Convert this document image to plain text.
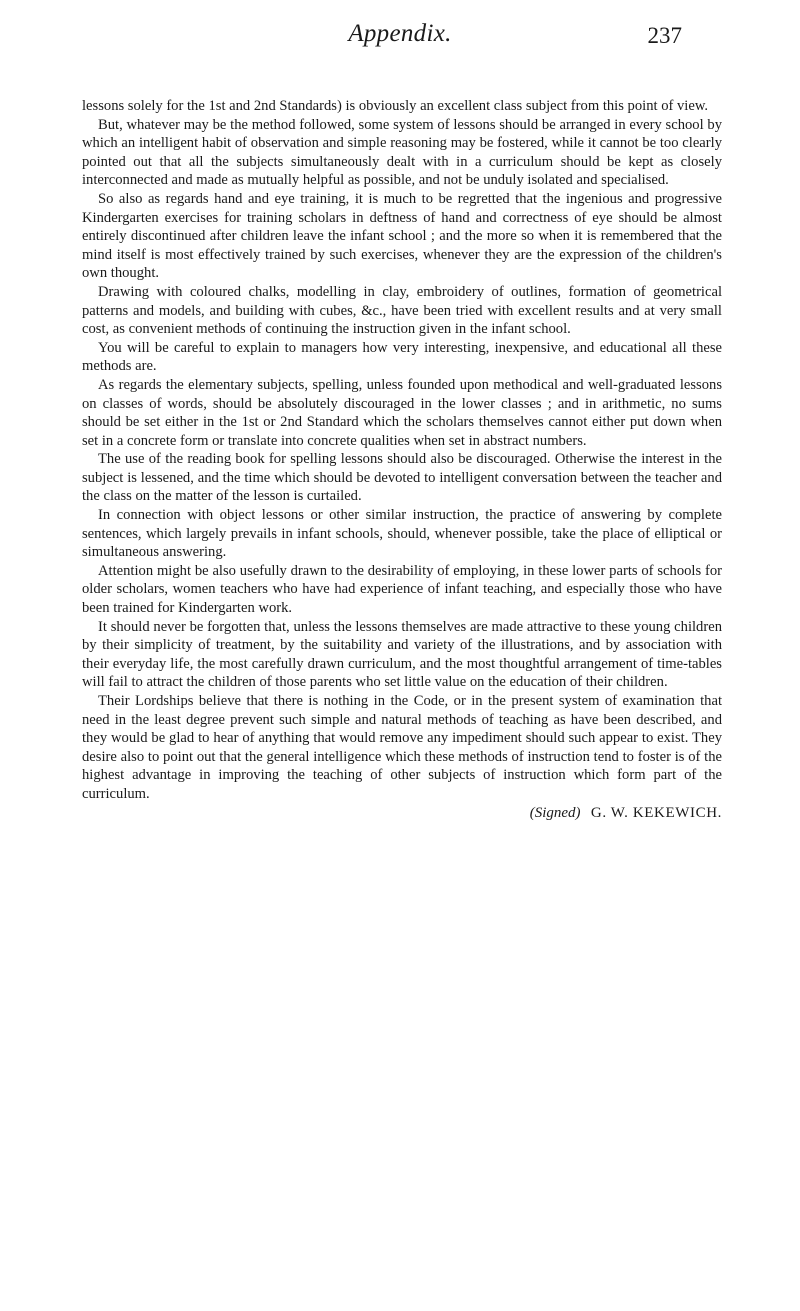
Appendix.	237

lessons solely for the 1st and 2nd Standards) is obviously an excellent class subject from this point of view.

But, whatever may be the method followed, some system of lessons should be arranged in every school by which an intelligent habit of observation and simple reasoning may be fostered, while it cannot be too clearly pointed out that all the subjects simultaneously dealt with in a curriculum should be kept as closely interconnected and made as mutually helpful as possible, and not be unduly isolated and specialised.

So also as regards hand and eye training, it is much to be regretted that the ingenious and progressive Kindergarten exercises for training scholars in deftness of hand and correctness of eye should be almost entirely discontinued after children leave the infant school ; and the more so when it is remembered that the mind itself is most effectively trained by such exercises, whenever they are the expression of the children's own thought.

Drawing with coloured chalks, modelling in clay, embroidery of outlines, formation of geometrical patterns and models, and building with cubes, &c., have been tried with excellent results and at very small cost, as convenient methods of continuing the instruction given in the infant school.

You will be careful to explain to managers how very interesting, inexpensive, and educational all these methods are.

As regards the elementary subjects, spelling, unless founded upon methodical and well-graduated lessons on classes of words, should be absolutely discouraged in the lower classes ; and in arithmetic, no sums should be set either in the 1st or 2nd Standard which the scholars themselves cannot either put down when set in a concrete form or translate into concrete qualities when set in abstract numbers.

The use of the reading book for spelling lessons should also be discouraged. Otherwise the interest in the subject is lessened, and the time which should be devoted to intelligent conversation between the teacher and the class on the matter of the lesson is curtailed.

In connection with object lessons or other similar instruction, the practice of answering by complete sentences, which largely prevails in infant schools, should, whenever possible, take the place of elliptical or simultaneous answering.

Attention might be also usefully drawn to the desirability of employing, in these lower parts of schools for older scholars, women teachers who have had experience of infant teaching, and especially those who have been trained for Kindergarten work.

It should never be forgotten that, unless the lessons themselves are made attractive to these young children by their simplicity of treatment, by the suitability and variety of the illustrations, and by association with their everyday life, the most carefully drawn curriculum, and the most thoughtful arrangement of time-tables will fail to attract the children of those parents who set little value on the education of their children.

Their Lordships believe that there is nothing in the Code, or in the present system of examination that need in the least degree prevent such simple and natural methods of teaching as have been described, and they would be glad to hear of anything that would remove any impediment should such appear to exist. They desire also to point out that the general intelligence which these methods of instruction tend to foster is of the highest advantage in improving the teaching of other subjects of instruction which form part of the curriculum.

(Signed) G. W. KEKEWICH.
